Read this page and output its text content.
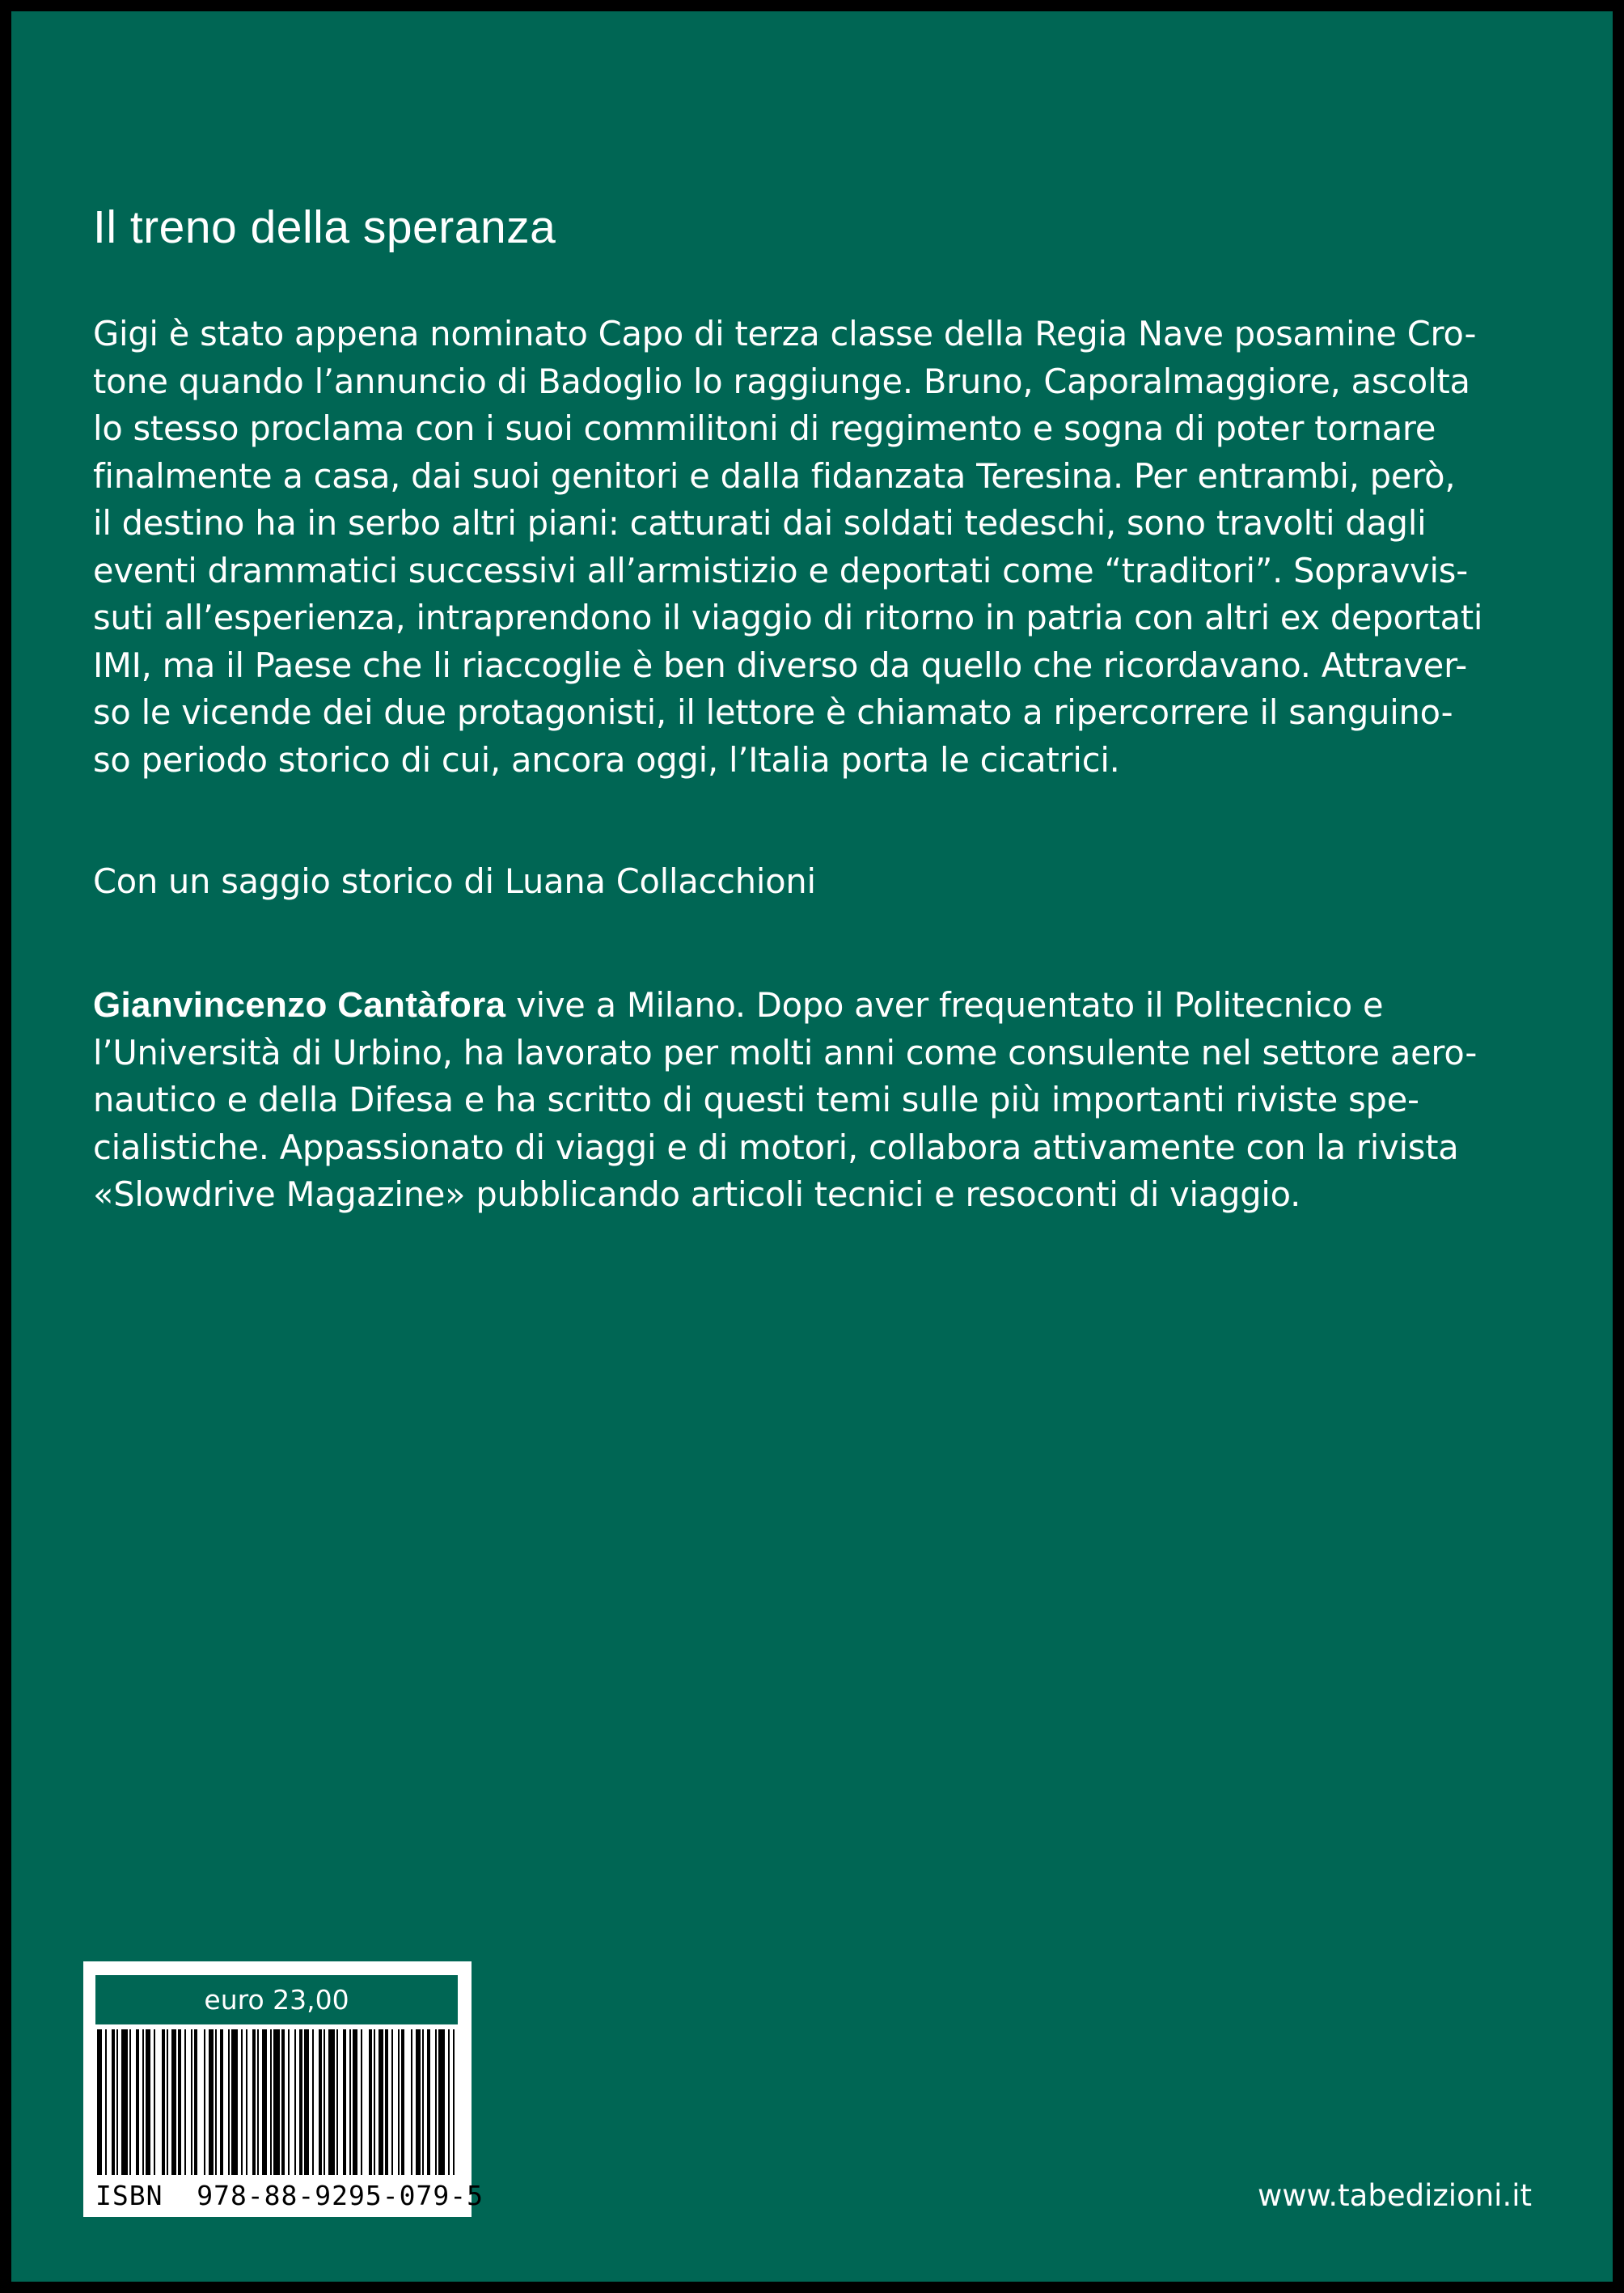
Il treno della speranza
Gigi è stato appena nominato Capo di terza classe della Regia Nave posamine Cro-
tone quando l’annuncio di Badoglio lo raggiunge. Bruno, Caporalmaggiore, ascolta
lo stesso proclama con i suoi commilitoni di reggimento e sogna di poter tornare
finalmente a casa, dai suoi genitori e dalla fidanzata Teresina. Per entrambi, però,
il destino ha in serbo altri piani: catturati dai soldati tedeschi, sono travolti dagli
eventi drammatici successivi all’armistizio e deportati come “traditori”. Sopravvis-
suti all’esperienza, intraprendono il viaggio di ritorno in patria con altri ex deportati
IMI, ma il Paese che li riaccoglie è ben diverso da quello che ricordavano. Attraver-
so le vicende dei due protagonisti, il lettore è chiamato a ripercorrere il sanguino-
so periodo storico di cui, ancora oggi, l’Italia porta le cicatrici.
Con un saggio storico di Luana Collacchioni
Gianvincenzo Cantàfora vive a Milano. Dopo aver frequentato il Politecnico e
l’Università di Urbino, ha lavorato per molti anni come consulente nel settore aero-
nautico e della Difesa e ha scritto di questi temi sulle più importanti riviste spe-
cialistiche. Appassionato di viaggi e di motori, collabora attivamente con la rivista
«Slowdrive Magazine» pubblicando articoli tecnici e resoconti di viaggio.
euro 23,00
ISBN  978-88-9295-079-5	www.tabedizioni.it
